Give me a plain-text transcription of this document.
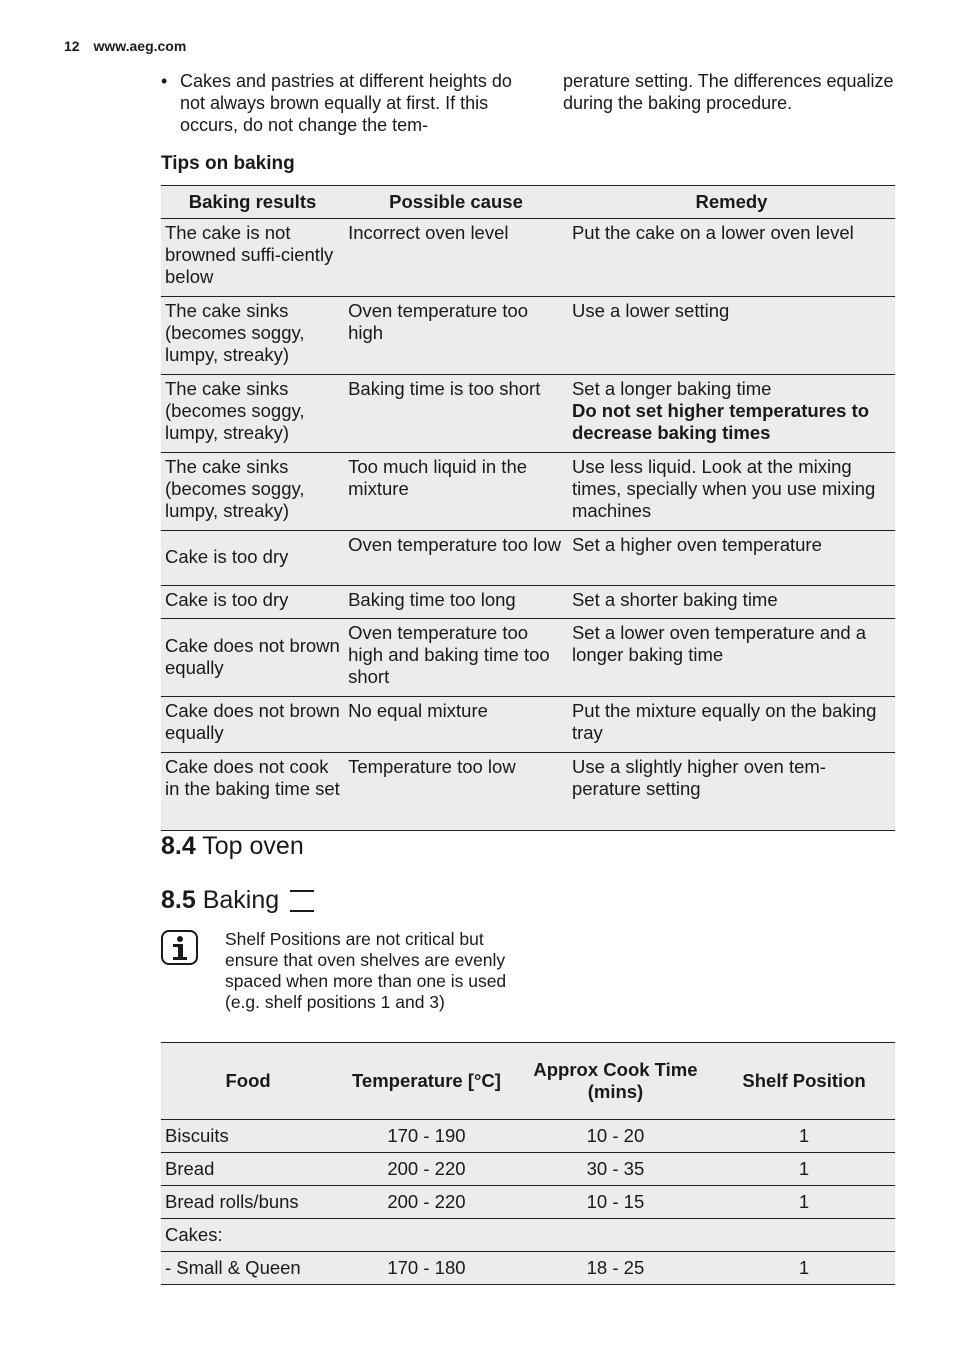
12 www.aeg.com
• Cakes and pastries at different heights do not always brown equally at first. If this occurs, do not change the tem-
perature setting. The differences equalize during the baking procedure.
Tips on baking
Baking results	Possible cause	Remedy
The cake is not browned suffi-ciently below	Incorrect oven level	Put the cake on a lower oven level
The cake sinks (becomes soggy, lumpy, streaky)	Oven temperature too high	Use a lower setting
The cake sinks (becomes soggy, lumpy, streaky)	Baking time is too short	Set a longer baking time
Do not set higher temperatures to decrease baking times

The cake sinks (becomes soggy, lumpy, streaky)	Too much liquid in the mixture	Use less liquid. Look at the mixing times, specially when you use mixing machines
Cake is too dry	Oven temperature too low	Set a higher oven temperature
Cake is too dry	Baking time too long	Set a shorter baking time
Cake does not brown equally	Oven temperature too high and baking time too short	Set a lower oven temperature and a longer baking time
Cake does not brown equally	No equal mixture	Put the mixture equally on the baking tray
Cake does not cook in the baking time set	Temperature too low	Use a slightly higher oven tem-perature setting
8.4 Top oven
8.5 Baking
Shelf Positions are not critical but ensure that oven shelves are evenly spaced when more than one is used (e.g. shelf positions 1 and 3)
Food	Temperature [°C]	Approx Cook Time (mins)	Shelf Position
Biscuits	170 - 190	10 - 20	1
Bread	200 - 220	30 - 35	1
Bread rolls/buns	200 - 220	10 - 15	1
Cakes:			
- Small & Queen	170 - 180	18 - 25	1
